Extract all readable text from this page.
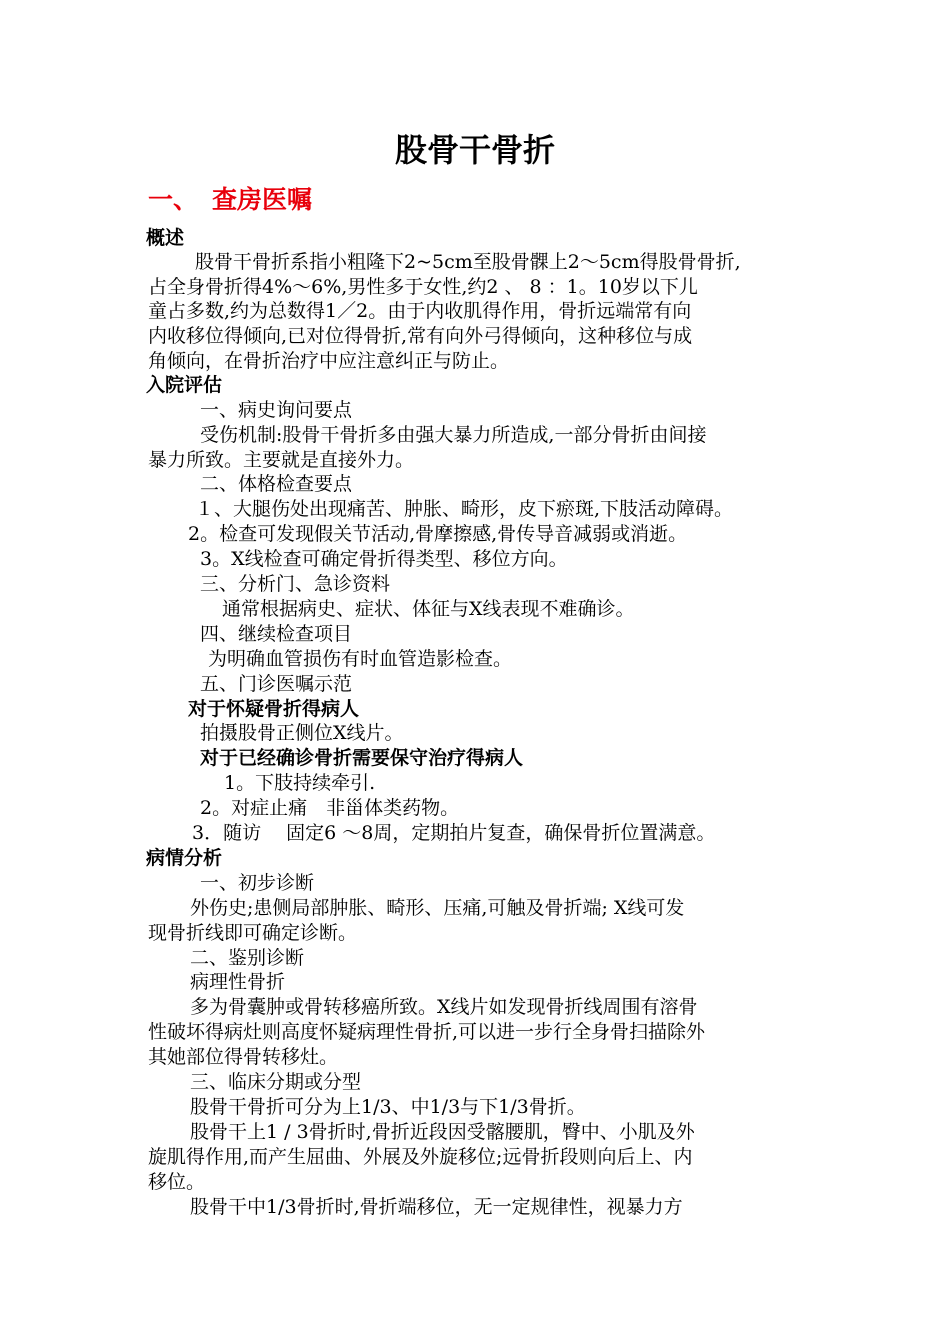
股骨干骨折
一、 查房医嘱
概述
股骨干骨折系指小粗隆下2~5cm至股骨髁上2～5cm得股骨骨折,
占全身骨折得4%～6%,男性多于女性,约2 、 8 ：1。10岁以下儿
童占多数,约为总数得1／2。由于内收肌得作用，骨折远端常有向
内收移位得倾向,已对位得骨折,常有向外弓得倾向，这种移位与成
角倾向，在骨折治疗中应注意纠正与防止。
入院评估
一、病史询问要点
受伤机制:股骨干骨折多由强大暴力所造成,一部分骨折由间接
暴力所致。主要就是直接外力。
二、体格检查要点
１、大腿伤处出现痛苦、肿胀、畸形，皮下瘀斑,下肢活动障碍。
2。检查可发现假关节活动,骨摩擦感,骨传导音减弱或消逝。
3。X线检查可确定骨折得类型、移位方向。
三、分析门、急诊资料
通常根据病史、症状、体征与X线表现不难确诊。
四、继续检查项目
为明确血管损伤有时血管造影检查。
五、门诊医嘱示范
对于怀疑骨折得病人
拍摄股骨正侧位X线片。
对于已经确诊骨折需要保守治疗得病人
1。下肢持续牵引.
2。对症止痛　非甾体类药物。
3．随访　 固定6 ～8周，定期拍片复查，确保骨折位置满意。
病情分析
一、初步诊断
外伤史;患侧局部肿胀、畸形、压痛,可触及骨折端; X线可发
现骨折线即可确定诊断。
二、鉴别诊断
病理性骨折
多为骨囊肿或骨转移癌所致。X线片如发现骨折线周围有溶骨
性破坏得病灶则高度怀疑病理性骨折,可以进一步行全身骨扫描除外
其她部位得骨转移灶。
三、临床分期或分型
股骨干骨折可分为上1/3、中1/3与下1/3骨折。
股骨干上1 / 3骨折时,骨折近段因受髂腰肌，臀中、小肌及外
旋肌得作用,而产生屈曲、外展及外旋移位;远骨折段则向后上、内
移位。
股骨干中1/3骨折时,骨折端移位，无一定规律性，视暴力方
